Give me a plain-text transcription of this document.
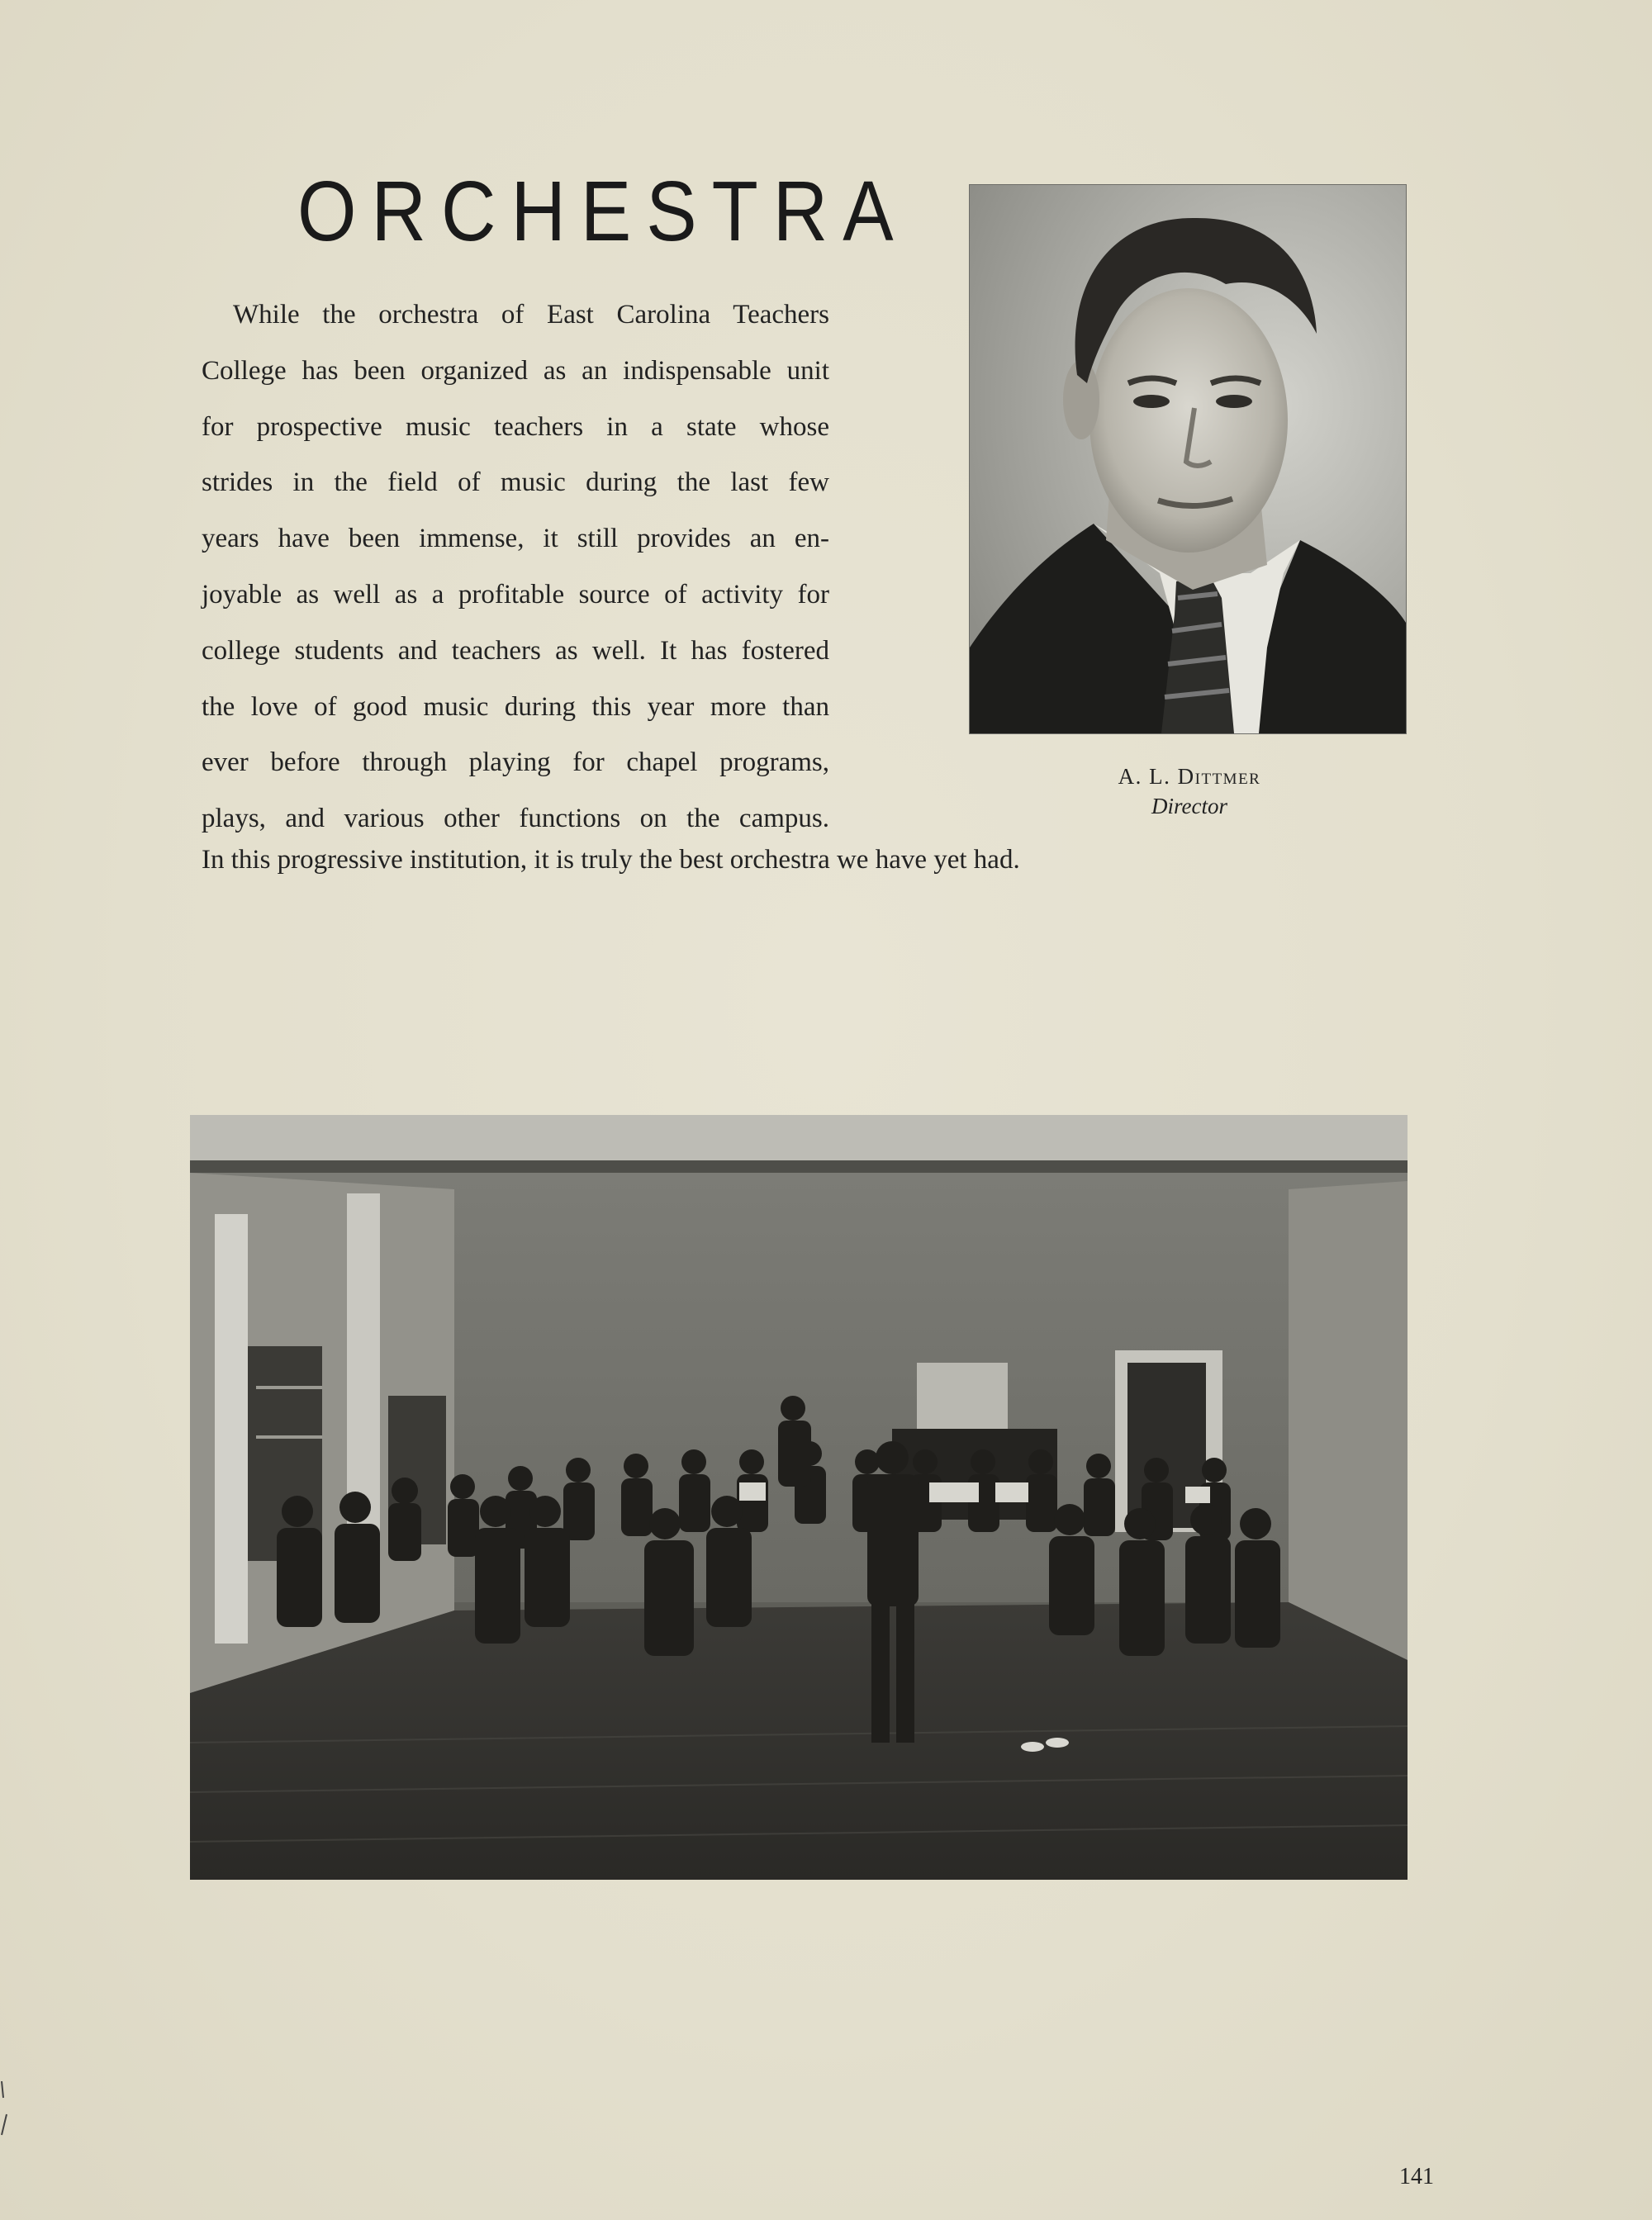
ORCHESTRA
While the orchestra of East Carolina Teachers
College has been organized as an indispensable unit
for prospective music teachers in a state whose
strides in the field of music during the last few
years have been immense, it still provides an en-
joyable as well as a profitable source of activity for
college students and teachers as well. It has fostered
the love of good music during this year more than
ever before through playing for chapel programs,
plays, and various other functions on the campus.
In this progressive institution, it is truly the best orchestra we have yet had.
A. L. Dittmer
Director
141
